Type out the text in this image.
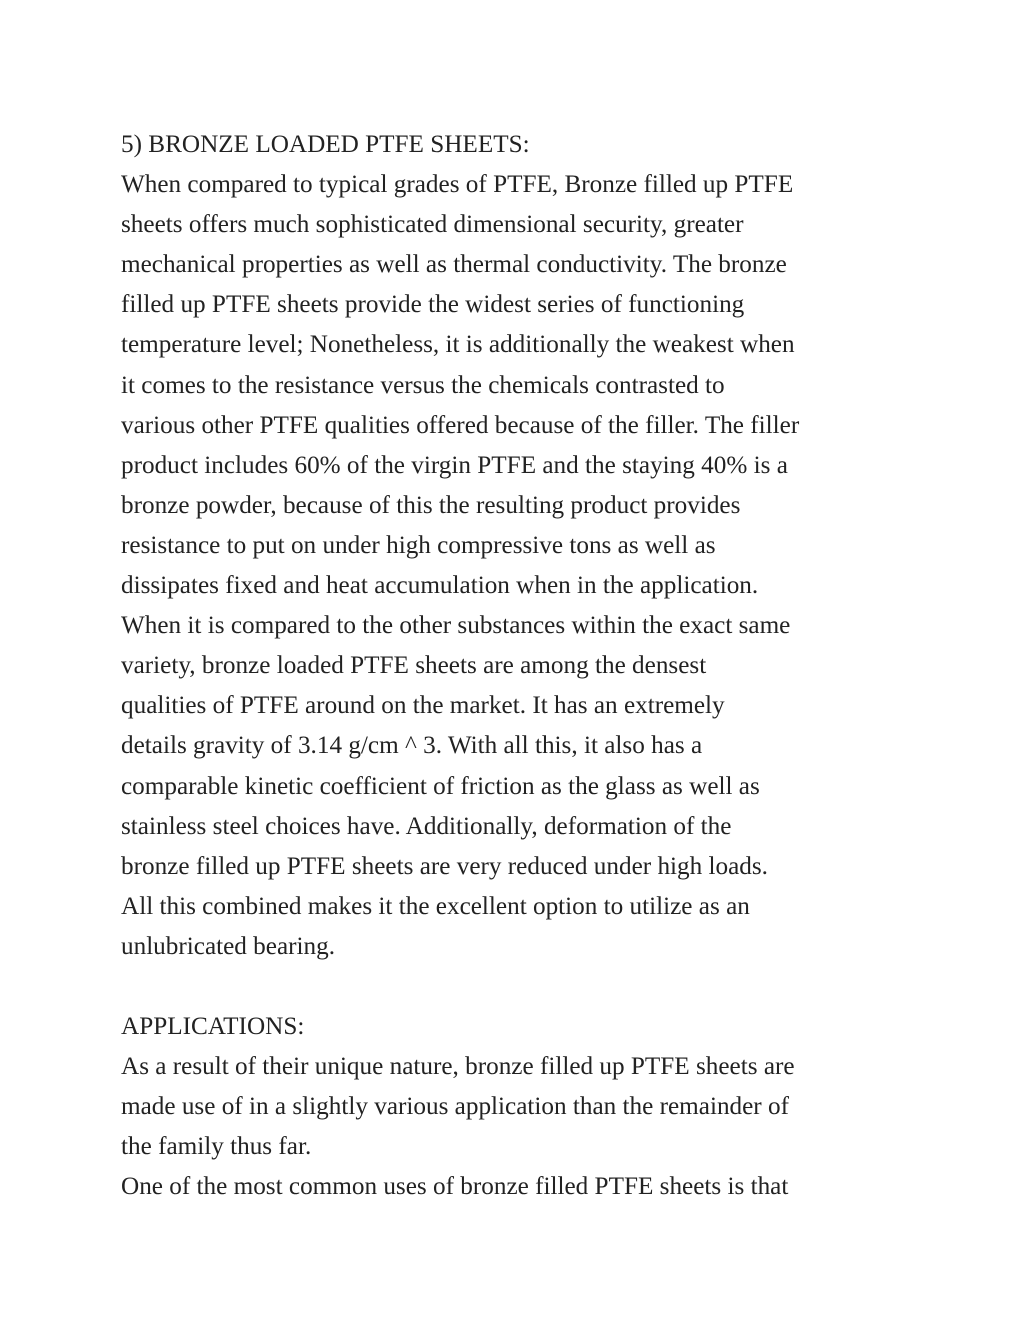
5) BRONZE LOADED PTFE SHEETS:
When compared to typical grades of PTFE, Bronze filled up PTFE
sheets offers much sophisticated dimensional security, greater
mechanical properties as well as thermal conductivity. The bronze
filled up PTFE sheets provide the widest series of functioning
temperature level; Nonetheless, it is additionally the weakest when
it comes to the resistance versus the chemicals contrasted to
various other PTFE qualities offered because of the filler. The filler
product includes 60% of the virgin PTFE and the staying 40% is a
bronze powder, because of this the resulting product provides
resistance to put on under high compressive tons as well as
dissipates fixed and heat accumulation when in the application.
When it is compared to the other substances within the exact same
variety, bronze loaded PTFE sheets are among the densest
qualities of PTFE around on the market. It has an extremely
details gravity of 3.14 g/cm ^ 3. With all this, it also has a
comparable kinetic coefficient of friction as the glass as well as
stainless steel choices have. Additionally, deformation of the
bronze filled up PTFE sheets are very reduced under high loads.
All this combined makes it the excellent option to utilize as an
unlubricated bearing.
APPLICATIONS:
As a result of their unique nature, bronze filled up PTFE sheets are
made use of in a slightly various application than the remainder of
the family thus far.
One of the most common uses of bronze filled PTFE sheets is that
